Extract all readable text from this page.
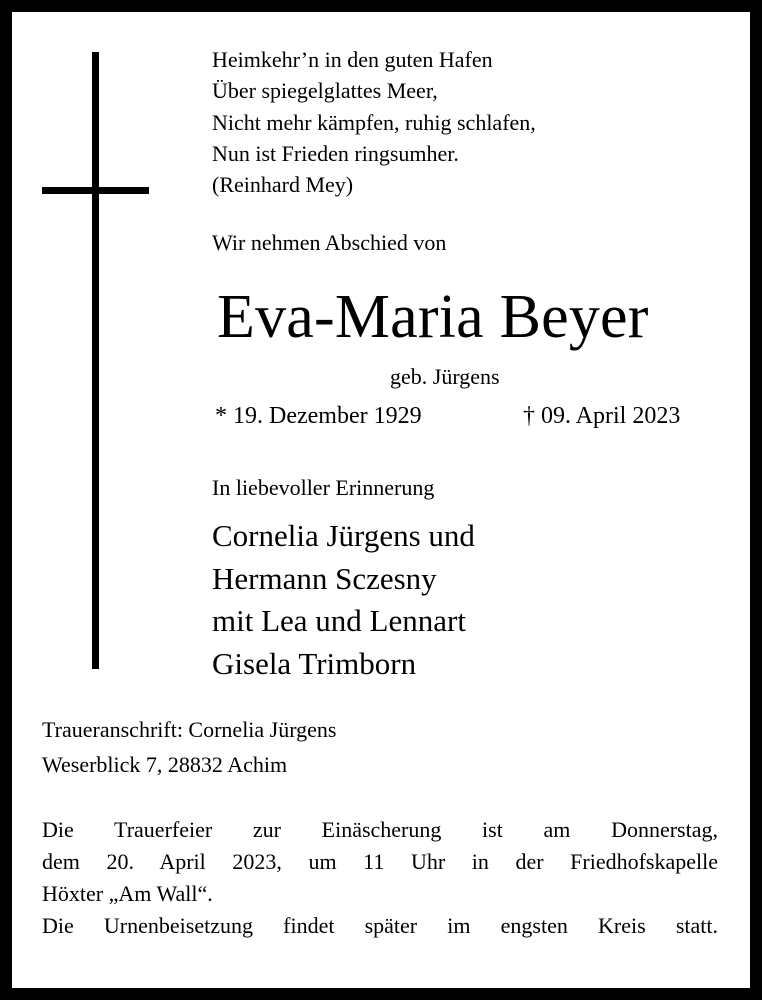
Heimkehr’n in den guten Hafen
Über spiegelglattes Meer,
Nicht mehr kämpfen, ruhig schlafen,
Nun ist Frieden ringsumher.
(Reinhard Mey)
Wir nehmen Abschied von
Eva-Maria Beyer
geb. Jürgens
* 19. Dezember 1929	† 09. April 2023
In liebevoller Erinnerung
Cornelia Jürgens und
Hermann Sczesny
mit Lea und Lennart
Gisela Trimborn
Traueranschrift: Cornelia Jürgens
Weserblick 7, 28832 Achim
Die Trauerfeier zur Einäscherung ist am Donnerstag,
dem 20. April 2023, um 11 Uhr in der Friedhofskapelle
Höxter „Am Wall“.
Die Urnenbeisetzung findet später im engsten Kreis statt.
